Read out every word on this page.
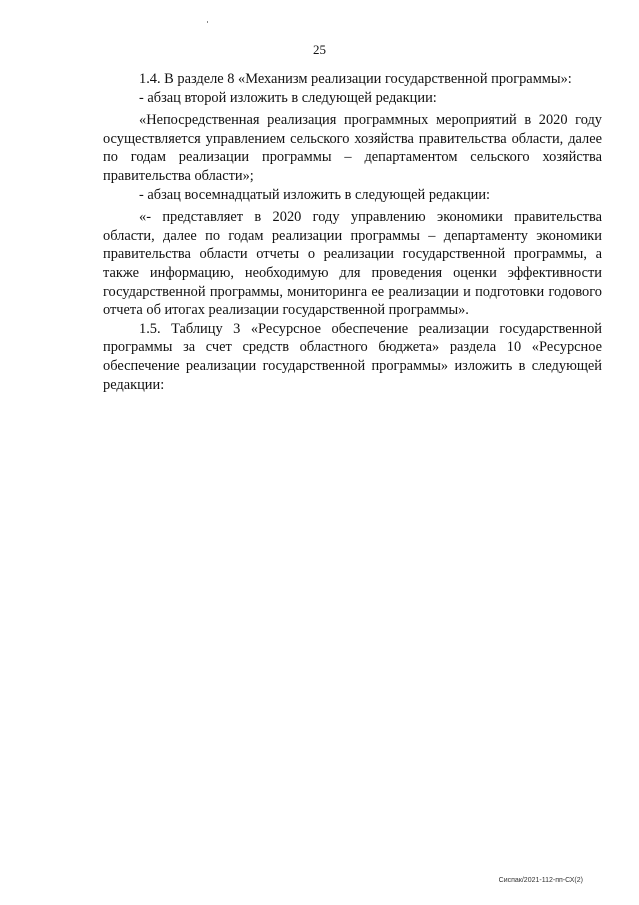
25

1.4. В разделе 8 «Механизм реализации государственной программы»:

- абзац второй изложить в следующей редакции:

«Непосредственная реализация программных мероприятий в 2020 году осуществляется управлением сельского хозяйства правительства области, далее по годам реализации программы – департаментом сельского хозяйства правительства области»;

- абзац восемнадцатый изложить в следующей редакции:

«- представляет в 2020 году управлению экономики правительства области, далее по годам реализации программы – департаменту экономики правительства области отчеты о реализации государственной программы, а также информацию, необходимую для проведения оценки эффективности государственной программы, мониторинга ее реализации и подготовки годового отчета об итогах реализации государственной программы».

1.5. Таблицу 3 «Ресурсное обеспечение реализации государственной программы за счет средств областного бюджета» раздела 10 «Ресурсное обеспечение реализации государственной программы» изложить в следующей редакции:

Сиспак/2021-112-пп-СХ(2)
